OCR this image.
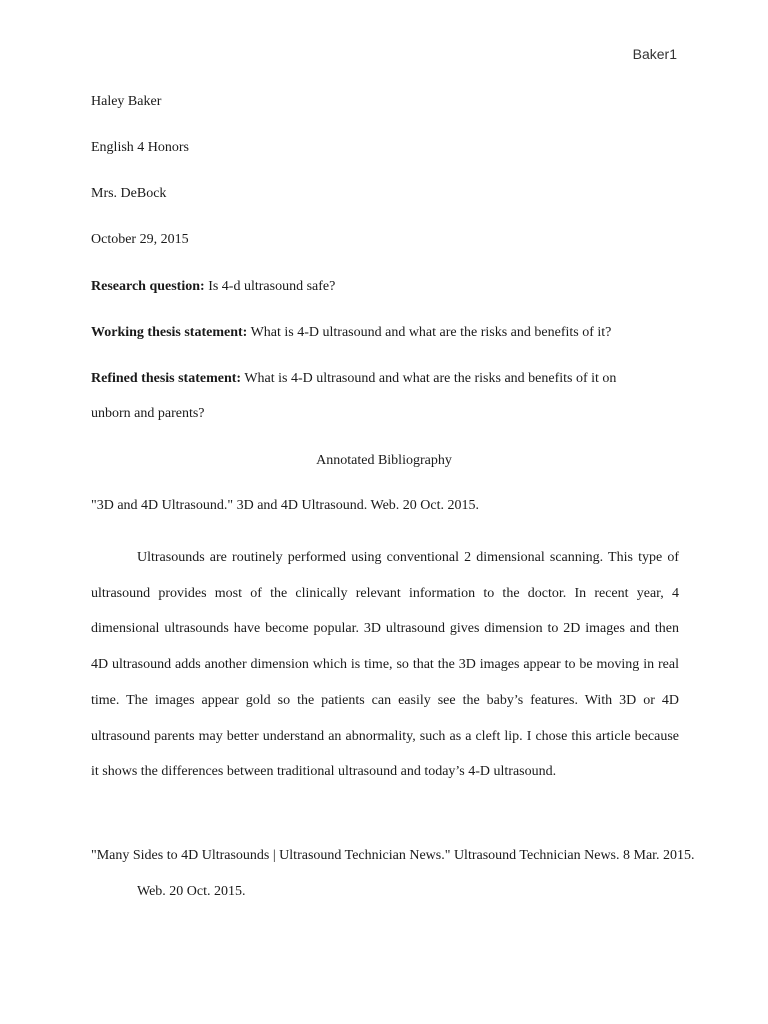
Baker1
Haley Baker
English 4 Honors
Mrs. DeBock
October 29, 2015
Research question: Is 4-d ultrasound safe?
Working thesis statement: What is 4-D ultrasound and what are the risks and benefits of it?
Refined thesis statement: What is 4-D ultrasound and what are the risks and benefits of it on
unborn and parents?
Annotated Bibliography
"3D and 4D Ultrasound." 3D and 4D Ultrasound. Web. 20 Oct. 2015.
Ultrasounds are routinely performed using conventional 2 dimensional scanning. This type of ultrasound provides most of the clinically relevant information to the doctor. In recent year, 4 dimensional ultrasounds have become popular. 3D ultrasound gives dimension to 2D images and then 4D ultrasound adds another dimension which is time, so that the 3D images appear to be moving in real time. The images appear gold so the patients can easily see the baby’s features. With 3D or 4D ultrasound parents may better understand an abnormality, such as a cleft lip. I chose this article because it shows the differences between traditional ultrasound and today’s 4-D ultrasound.
"Many Sides to 4D Ultrasounds | Ultrasound Technician News." Ultrasound Technician News. 8 Mar. 2015. Web. 20 Oct. 2015.
